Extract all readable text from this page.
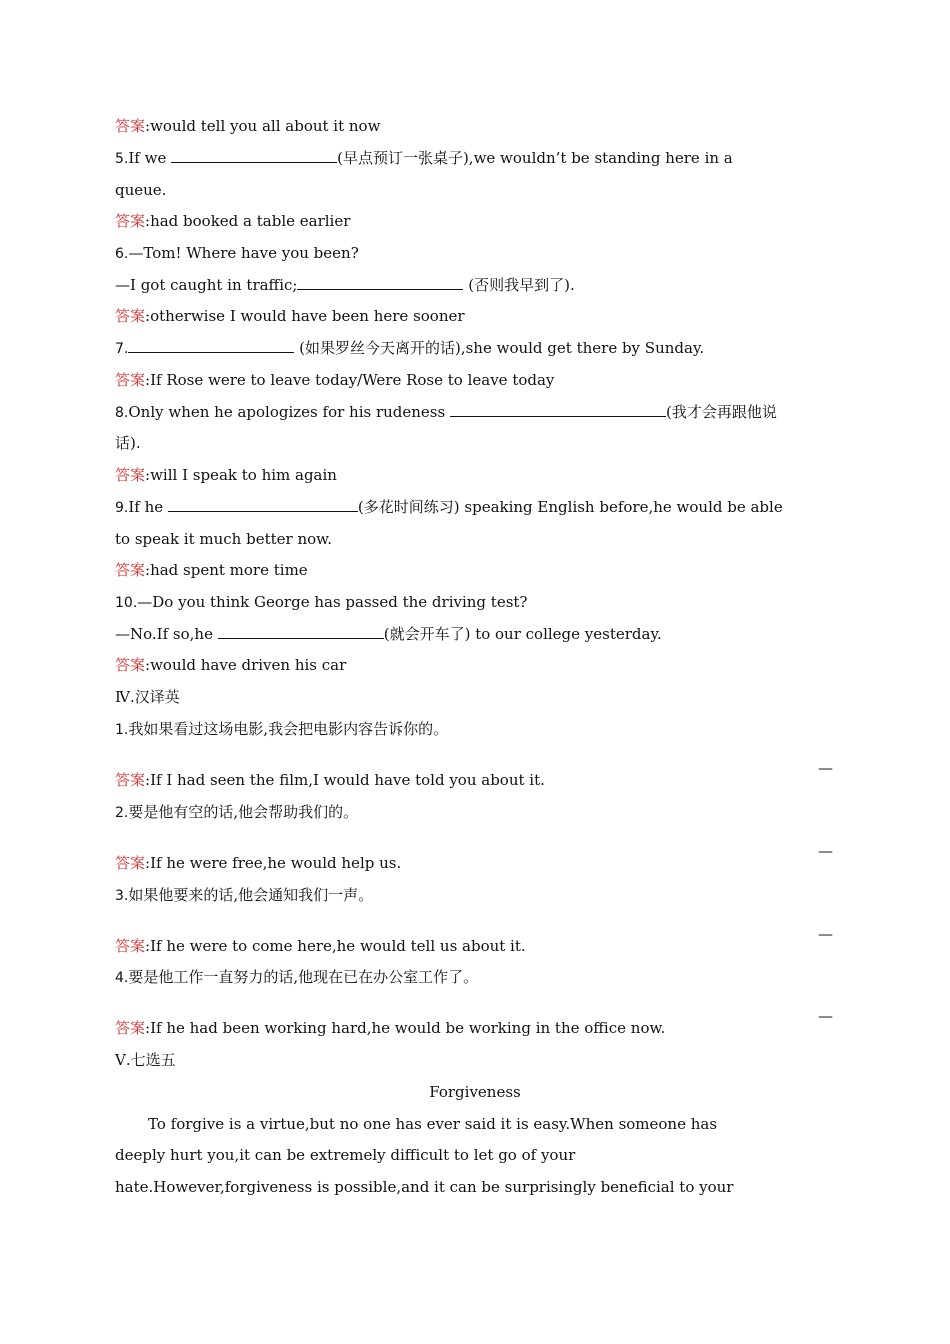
答案:would tell you all about it now
5.If we	(早点预订一张桌子),we wouldn’t be standing here in a
queue.
答案:had booked a table earlier
6.—Tom! Where have you been?
—I got caught in traffic;	(否则我早到了).
答案:otherwise I would have been here sooner
7.	(如果罗丝今天离开的话),she would get there by Sunday.
答案:If Rose were to leave today/Were Rose to leave today
8.Only when he apologizes for his rudeness	(我才会再跟他说
话).
答案:will I speak to him again
9.If he	(多花时间练习) speaking English before,he would be able
to speak it much better now.
答案:had spent more time
10.—Do you think George has passed the driving test?
—No.If so,he	(就会开车了) to our college yesterday.
答案:would have driven his car
Ⅳ.汉译英
1.我如果看过这场电影,我会把电影内容告诉你的。
—
答案:If I had seen the film,I would have told you about it.
2.要是他有空的话,他会帮助我们的。
—
答案:If he were free,he would help us.
3.如果他要来的话,他会通知我们一声。
—
答案:If he were to come here,he would tell us about it.
4.要是他工作一直努力的话,他现在已在办公室工作了。
—
答案:If he had been working hard,he would be working in the office now.
Ⅴ.七选五
Forgiveness
To forgive is a virtue,but no one has ever said it is easy.When someone has
deeply hurt you,it can be extremely difficult to let go of your
hate.However,forgiveness is possible,and it can be surprisingly beneficial to your
